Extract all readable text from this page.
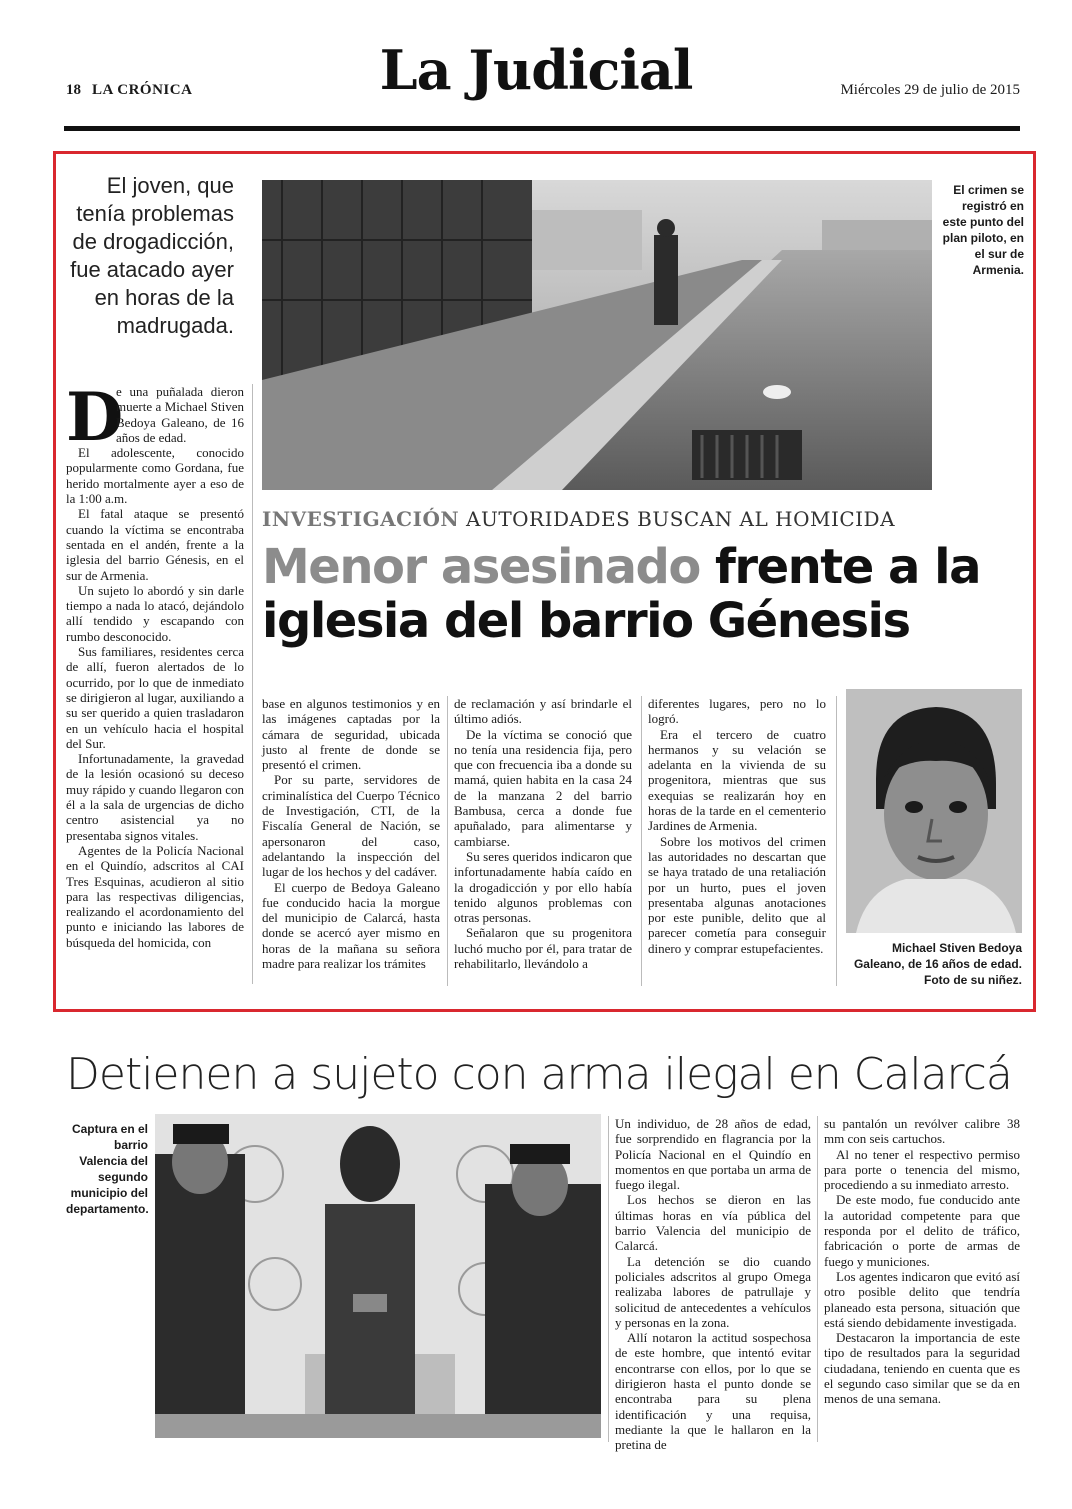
18 LA CRÓNICA	La Judicial	Miércoles 29 de julio de 2015
El joven, que tenía problemas de drogadicción, fue atacado ayer en horas de la madrugada.
El crimen se registró en este punto del plan piloto, en el sur de Armenia.
INVESTIGACIÓN AUTORIDADES BUSCAN AL HOMICIDA
Menor asesinado frente a la iglesia del barrio Génesis
D

e una puñalada dieron muerte a Michael Stiven Bedoya Galeano, de 16 años de edad.

El adolescente, conocido popularmente como Gordana, fue herido mortalmente ayer a eso de la 1:00 a.m.

El fatal ataque se presentó cuando la víctima se encontraba sentada en el andén, frente a la iglesia del barrio Génesis, en el sur de Armenia.

Un sujeto lo abordó y sin darle tiempo a nada lo atacó, dejándolo allí tendido y escapando con rumbo desconocido.

Sus familiares, residentes cerca de allí, fueron alertados de lo ocurrido, por lo que de inmediato se dirigieron al lugar, auxiliando a su ser querido a quien trasladaron en un vehículo hacia el hospital del Sur.

Infortunadamente, la gravedad de la lesión ocasionó su deceso muy rápido y cuando llegaron con él a la sala de urgencias de dicho centro asistencial ya no presentaba signos vitales.

Agentes de la Policía Nacional en el Quindío, adscritos al CAI Tres Esquinas, acudieron al sitio para las respectivas diligencias, realizando el acordonamiento del punto e iniciando las labores de búsqueda del homicida, con

base en algunos testimonios y en las imágenes captadas por la cámara de seguridad, ubicada justo al frente de donde se presentó el crimen.

Por su parte, servidores de criminalística del Cuerpo Técnico de Investigación, CTI, de la Fiscalía General de Nación, se apersonaron del caso, adelantando la inspección del lugar de los hechos y del cadáver.

El cuerpo de Bedoya Galeano fue conducido hacia la morgue del municipio de Calarcá, hasta donde se acercó ayer mismo en horas de la mañana su señora madre para realizar los trámites

de reclamación y así brindarle el último adiós.

De la víctima se conoció que no tenía una residencia fija, pero que con frecuencia iba a donde su mamá, quien habita en la casa 24 de la manzana 2 del barrio Bambusa, cerca a donde fue apuñalado, para alimentarse y cambiarse.

Su seres queridos indicaron que infortunadamente había caído en la drogadicción y por ello había tenido algunos problemas con otras personas.

Señalaron que su progenitora luchó mucho por él, para tratar de rehabilitarlo, llevándolo a

diferentes lugares, pero no lo logró.

Era el tercero de cuatro hermanos y su velación se adelanta en la vivienda de su progenitora, mientras que sus exequias se realizarán hoy en horas de la tarde en el cementerio Jardines de Armenia.

Sobre los motivos del crimen las autoridades no descartan que se haya tratado de una retaliación por un hurto, pues el joven presentaba algunas anotaciones por este punible, delito que al parecer cometía para conseguir dinero y comprar estupefacientes.	Michael Stiven Bedoya Galeano, de 16 años de edad. Foto de su niñez.
Detienen a sujeto con arma ilegal en Calarcá
Captura en el barrio Valencia del segundo municipio del departamento.

Un individuo, de 28 años de edad, fue sorprendido en flagrancia por la Policía Nacional en el Quindío en momentos en que portaba un arma de fuego ilegal.

Los hechos se dieron en las últimas horas en vía pública del barrio Valencia del municipio de Calarcá.

La detención se dio cuando policiales adscritos al grupo Omega realizaba labores de patrullaje y solicitud de antecedentes a vehículos y personas en la zona.

Allí notaron la actitud sospechosa de este hombre, que intentó evitar encontrarse con ellos, por lo que se dirigieron hasta el punto donde se encontraba para su plena identificación y una requisa, mediante la que le hallaron en la pretina de

su pantalón un revólver calibre 38 mm con seis cartuchos.

Al no tener el respectivo permiso para porte o tenencia del mismo, procediendo a su inmediato arresto.

De este modo, fue conducido ante la autoridad competente para que responda por el delito de tráfico, fabricación o porte de armas de fuego y municiones.

Los agentes indicaron que evitó así otro posible delito que tendría planeado esta persona, situación que está siendo debidamente investigada.

Destacaron la importancia de este tipo de resultados para la seguridad ciudadana, teniendo en cuenta que es el segundo caso similar que se da en menos de una semana.
